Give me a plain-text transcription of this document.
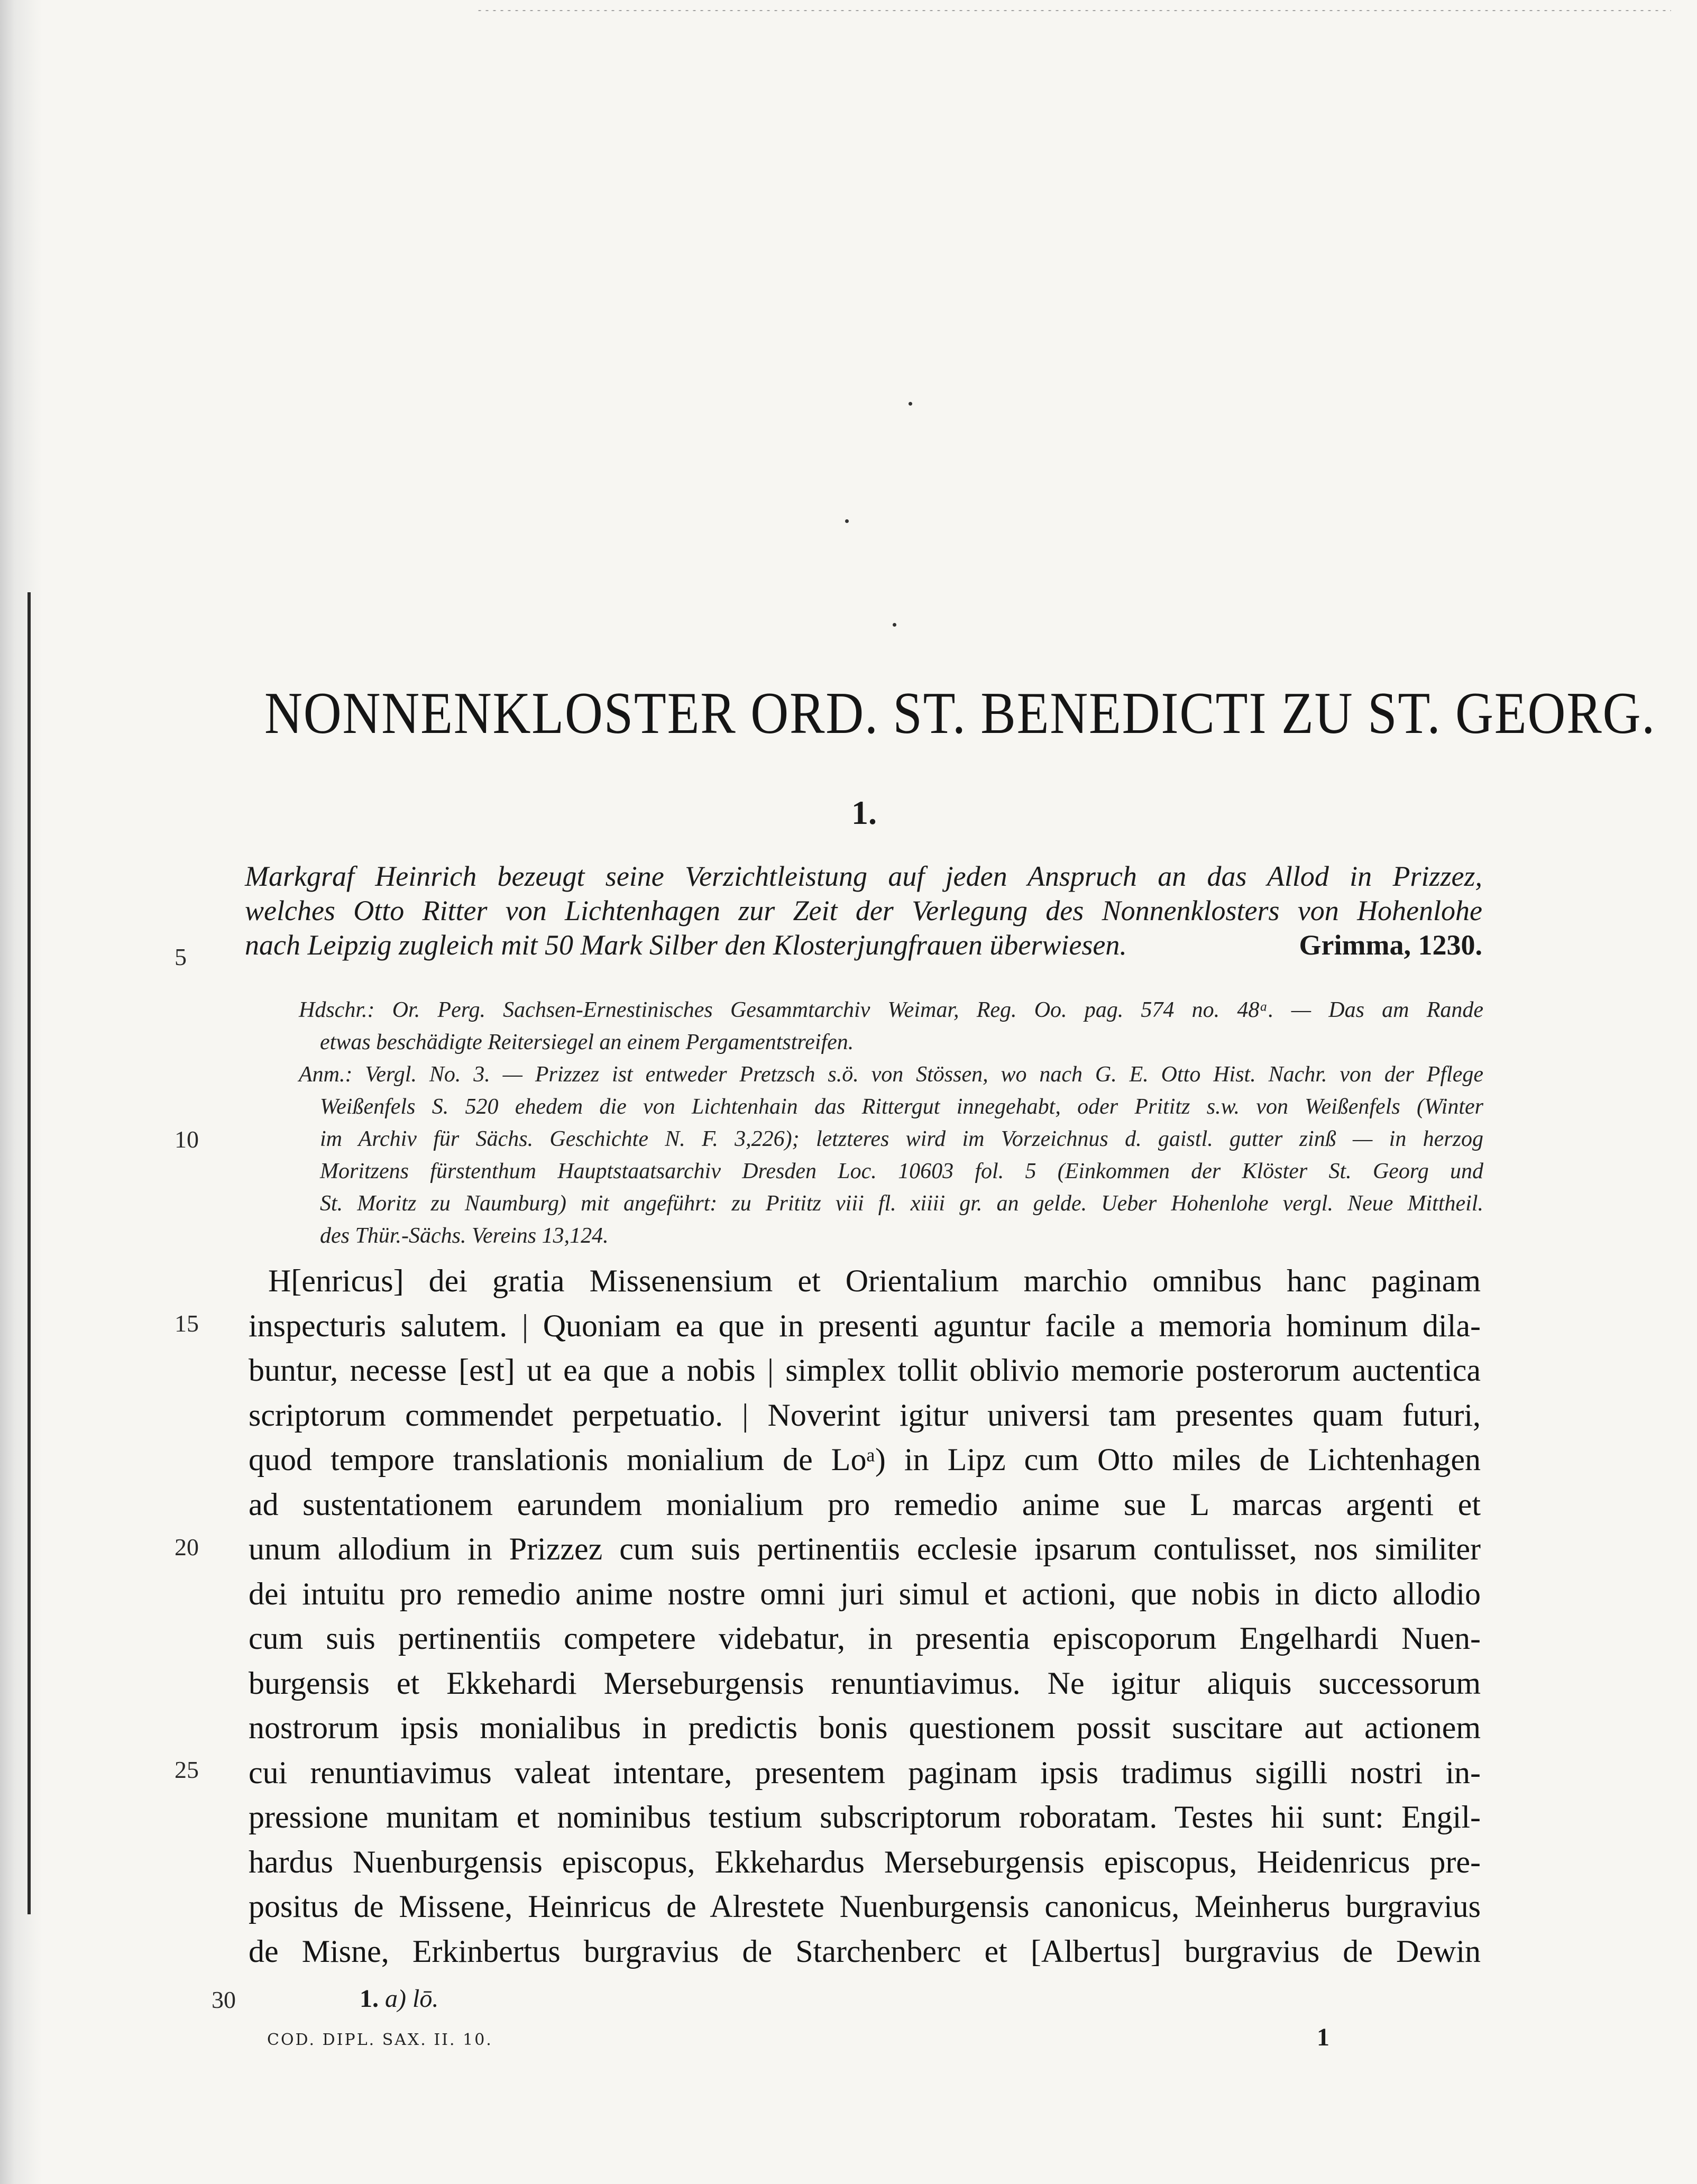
NONNENKLOSTER ORD. ST. BENEDICTI ZU ST. GEORG.
1.
Markgraf Heinrich bezeugt seine Verzichtleistung auf jeden Anspruch an das Allod in Prizzez,
welches Otto Ritter von Lichtenhagen zur Zeit der Verlegung des Nonnenklosters von Hohenlohe
nach Leipzig zugleich mit 50 Mark Silber den Klosterjungfrauen überwiesen.	Grimma, 1230.
5
Hdschr.: Or. Perg. Sachsen-Ernestinisches Gesammtarchiv Weimar, Reg. Oo. pag. 574 no. 48ᵃ. — Das am Rande
etwas beschädigte Reitersiegel an einem Pergamentstreifen.
Anm.: Vergl. No. 3. — Prizzez ist entweder Pretzsch s.ö. von Stössen, wo nach G. E. Otto Hist. Nachr. von der Pflege
Weißenfels S. 520 ehedem die von Lichtenhain das Rittergut innegehabt, oder Prititz s.w. von Weißenfels (Winter
im Archiv für Sächs. Geschichte N. F. 3,226); letzteres wird im Vorzeichnus d. gaistl. gutter zinß — in herzog
Moritzens fürstenthum Hauptstaatsarchiv Dresden Loc. 10603 fol. 5 (Einkommen der Klöster St. Georg und
St. Moritz zu Naumburg) mit angeführt: zu Prititz viii fl. xiiii gr. an gelde. Ueber Hohenlohe vergl. Neue Mittheil.
des Thür.-Sächs. Vereins 13,124.
10
H[enricus] dei gratia Missenensium et Orientalium marchio omnibus hanc paginam
inspecturis salutem. | Quoniam ea que in presenti aguntur facile a memoria hominum dila-
buntur, necesse [est] ut ea que a nobis | simplex tollit oblivio memorie posterorum auctentica
scriptorum commendet perpetuatio. | Noverint igitur universi tam presentes quam futuri,
quod tempore translationis monialium de Loᵃ) in Lipz cum Otto miles de Lichtenhagen
ad sustentationem earundem monialium pro remedio anime sue L marcas argenti et
unum allodium in Prizzez cum suis pertinentiis ecclesie ipsarum contulisset, nos similiter
dei intuitu pro remedio anime nostre omni juri simul et actioni, que nobis in dicto allodio
cum suis pertinentiis competere videbatur, in presentia episcoporum Engelhardi Nuen-
burgensis et Ekkehardi Merseburgensis renuntiavimus. Ne igitur aliquis successorum
nostrorum ipsis monialibus in predictis bonis questionem possit suscitare aut actionem
cui renuntiavimus valeat intentare, presentem paginam ipsis tradimus sigilli nostri in-
pressione munitam et nominibus testium subscriptorum roboratam. Testes hii sunt: Engil-
hardus Nuenburgensis episcopus, Ekkehardus Merseburgensis episcopus, Heidenricus pre-
positus de Missene, Heinricus de Alrestete Nuenburgensis canonicus, Meinherus burgravius
de Misne, Erkinbertus burgravius de Starchenberc et [Albertus] burgravius de Dewin
15
20
25
30	1. a) lō.
COD. DIPL. SAX. II. 10.	1
